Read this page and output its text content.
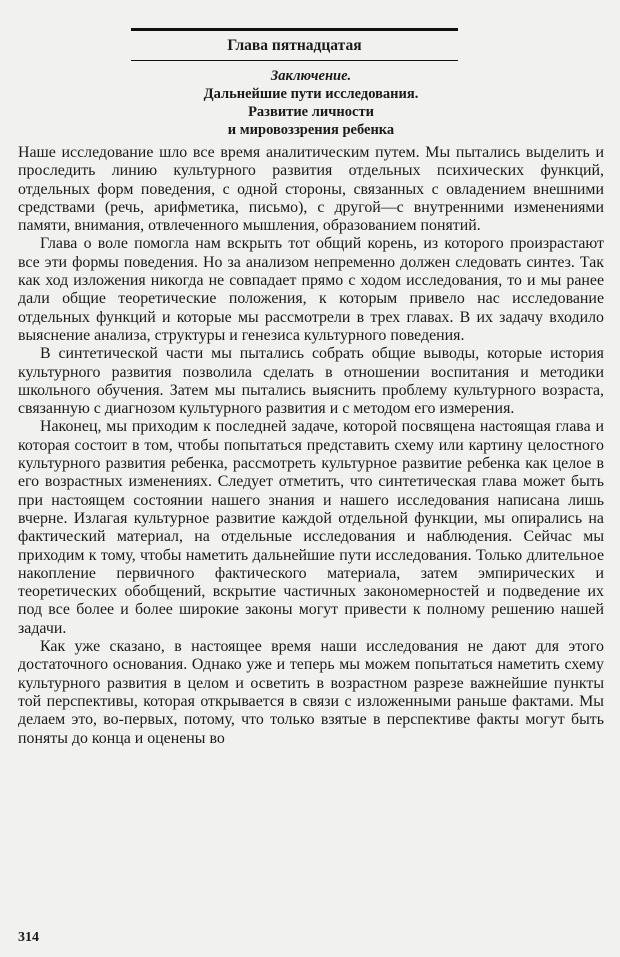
Глава пятнадцатая
Заключение.
Дальнейшие пути исследования.
Развитие личности
и мировоззрения ребенка

Наше исследование шло все время аналитическим путем. Мы пытались выделить и проследить линию культурного развития отдельных психических функций, отдельных форм поведения, с одной стороны, связанных с овладением внешними средствами (речь, арифметика, письмо), с другой—с внутренними изменениями памяти, внимания, отвлеченного мышления, образованием понятий.

Глава о воле помогла нам вскрыть тот общий корень, из которого произрастают все эти формы поведения. Но за анализом непременно должен следовать синтез. Так как ход изложения никогда не совпадает прямо с ходом исследования, то и мы ранее дали общие теоретические положения, к которым привело нас исследование отдельных функций и которые мы рассмотрели в трех главах. В их задачу входило выяснение анализа, структуры и генезиса культурного поведения.

В синтетической части мы пытались собрать общие выводы, которые история культурного развития позволила сделать в отношении воспитания и методики школьного обучения. Затем мы пытались выяснить проблему культурного возраста, связанную с диагнозом культурного развития и с методом его измерения.

Наконец, мы приходим к последней задаче, которой посвящена настоящая глава и которая состоит в том, чтобы попытаться представить схему или картину целостного культурного развития ребенка, рассмотреть культурное развитие ребенка как целое в его возрастных изменениях. Следует отметить, что синтетическая глава может быть при настоящем состоянии нашего знания и нашего исследования написана лишь вчерне. Излагая культурное развитие каждой отдельной функции, мы опирались на фактический материал, на отдельные исследования и наблюдения. Сейчас мы приходим к тому, чтобы наметить дальнейшие пути исследования. Только длительное накопление первичного фактического материала, затем эмпирических и теоретических обобщений, вскрытие частичных закономерностей и подведение их под все более и более широкие законы могут привести к полному решению нашей задачи.

Как уже сказано, в настоящее время наши исследования не дают для этого достаточного основания. Однако уже и теперь мы можем попытаться наметить схему культурного развития в целом и осветить в возрастном разрезе важнейшие пункты той перспективы, которая открывается в связи с изложенными раньше фактами. Мы делаем это, во-первых, потому, что только взятые в перспективе факты могут быть поняты до конца и оценены во

314
